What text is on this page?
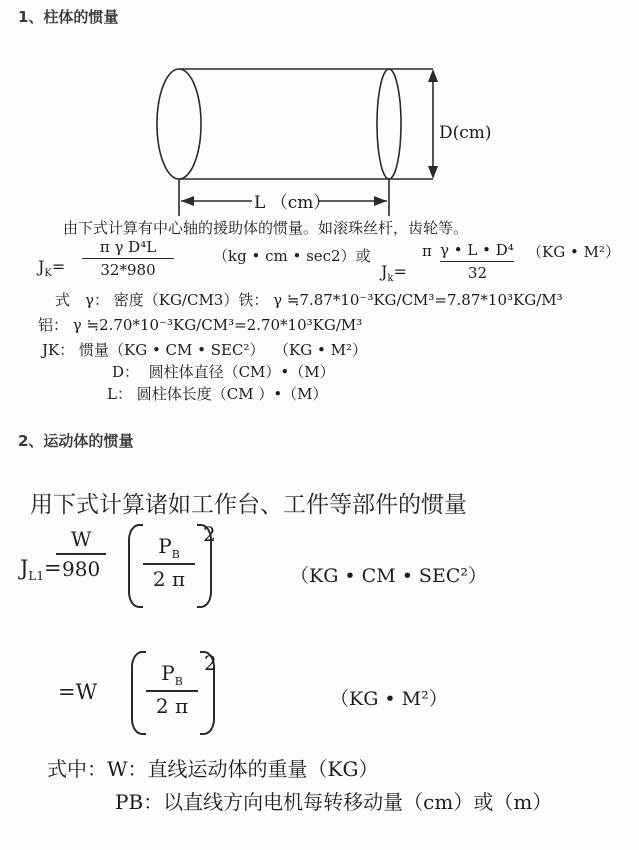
1、柱体的惯量
D(cm)
L （cm）
由下式计算有中心轴的援助体的惯量。如滚珠丝杆，齿轮等。
$J_K= \frac{\text{π γ D⁴L}}{32*980}$	（kg • cm • sec2）或
$J_k=$
π γ • L • D⁴ （KG • M²）
32
式　γ： 密度（KG/CM3）铁： γ ≒7.87*10⁻³KG/CM³=7.87*10³KG/M³
铝： γ ≒2.70*10⁻³KG/CM³=2.70*10³KG/M³
JK： 惯量（KG • CM • SEC²）  （KG • M²）
D：  圆柱体直径（CM）•（M）
L： 圆柱体长度（CM ）•（M）
2、运动体的惯量
用下式计算诸如工作台、工件等部件的惯量
$J_{L1}=$
$\frac{W}{980} \frac{P_B}{2 \pi} 2$
（KG • CM • SEC²）
$=W \frac{P_B}{2 \pi} 2$
（KG • M²）
式中：W：直线运动体的重量（KG）
PB：以直线方向电机每转移动量（cm）或（m）
